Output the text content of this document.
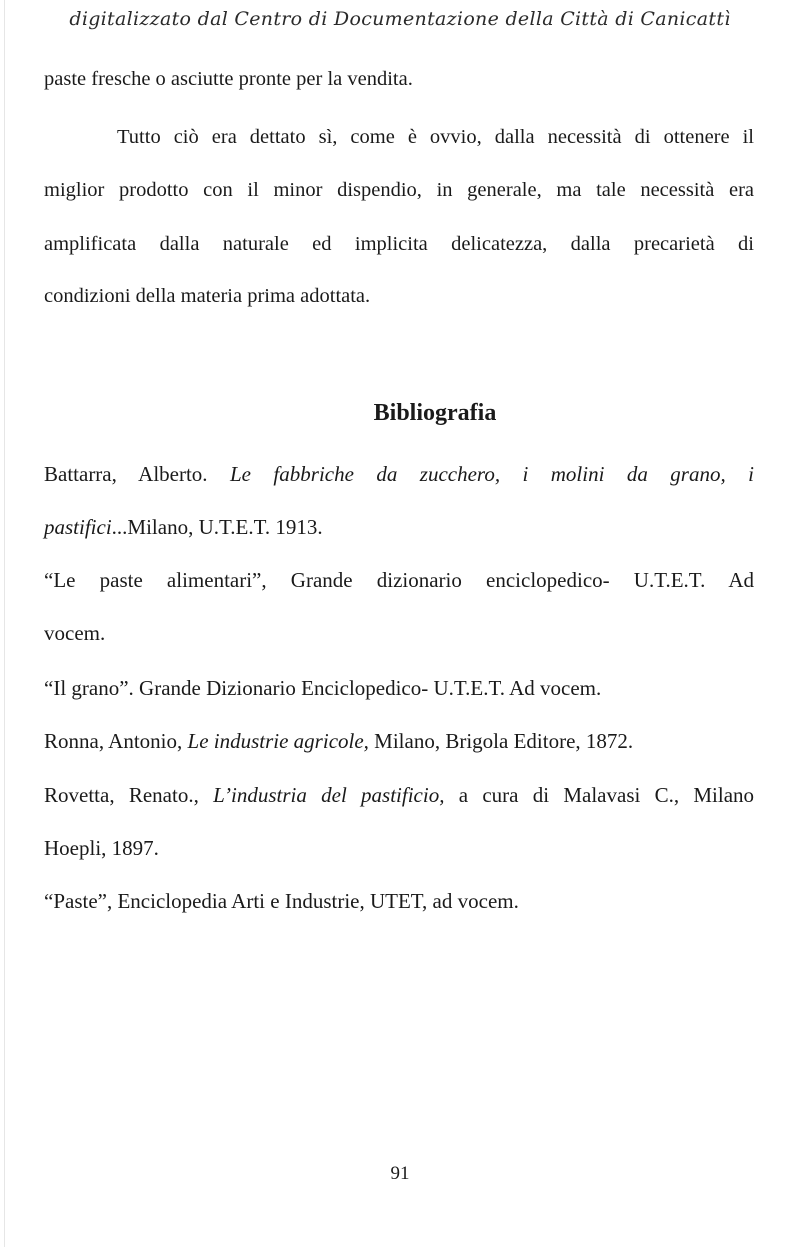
digitalizzato dal Centro di Documentazione della Città di Canicattì
paste fresche o asciutte pronte per la vendita.
Tutto ciò era dettato sì, come è ovvio, dalla necessità di ottenere il
miglior prodotto con il minor dispendio, in generale, ma tale necessità era
amplificata dalla naturale ed implicita delicatezza, dalla precarietà di
condizioni della materia prima adottata.
Bibliografia
Battarra, Alberto. Le fabbriche da zucchero, i molini da grano, i
pastifici...Milano, U.T.E.T. 1913.
“Le paste alimentari”, Grande dizionario enciclopedico- U.T.E.T. Ad
vocem.
“Il grano”. Grande Dizionario Enciclopedico- U.T.E.T. Ad vocem.
Ronna, Antonio, Le industrie agricole, Milano, Brigola Editore, 1872.
Rovetta, Renato., L’industria del pastificio, a cura di Malavasi C., Milano
Hoepli, 1897.
“Paste”, Enciclopedia Arti e Industrie, UTET, ad vocem.
91
